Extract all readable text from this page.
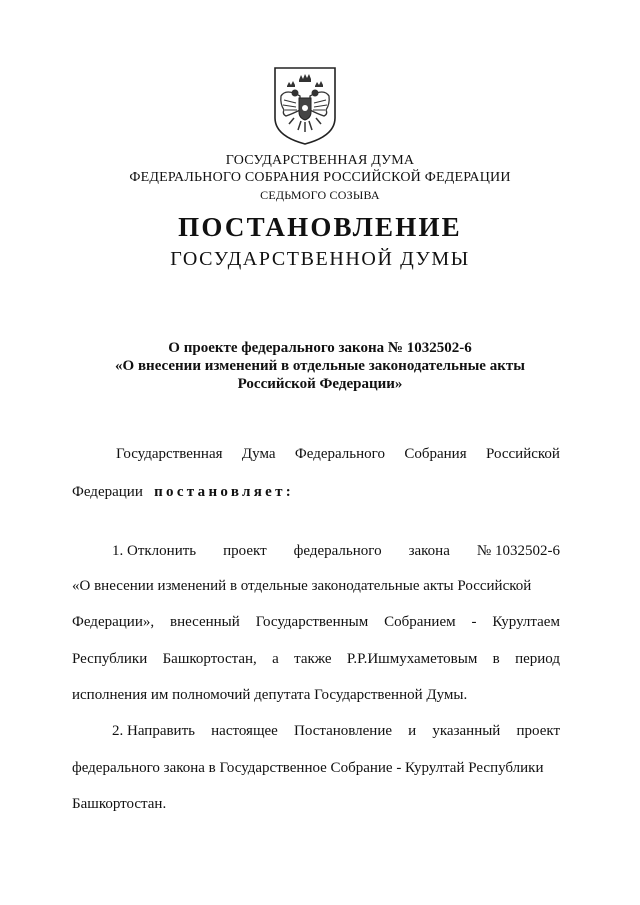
ГОСУДАРСТВЕННАЯ ДУМА
ФЕДЕРАЛЬНОГО СОБРАНИЯ РОССИЙСКОЙ ФЕДЕРАЦИИ
СЕДЬМОГО СОЗЫВА
ПОСТАНОВЛЕНИЕ
ГОСУДАРСТВЕННОЙ ДУМЫ
О проекте федерального закона № 1032502-6
«О внесении изменений в отдельные законодательные акты
Российской Федерации»
Государственная Дума Федерального Собрания Российской
Федерации постановляет:
1. Отклонить проект федерального закона № 1032502-6
«О внесении изменений в отдельные законодательные акты Российской
Федерации», внесенный Государственным Собранием - Курултаем
Республики Башкортостан, а также Р.Р.Ишмухаметовым в период
исполнения им полномочий депутата Государственной Думы.
2. Направить настоящее Постановление и указанный проект
федерального закона в Государственное Собрание - Курултай Республики
Башкортостан.
